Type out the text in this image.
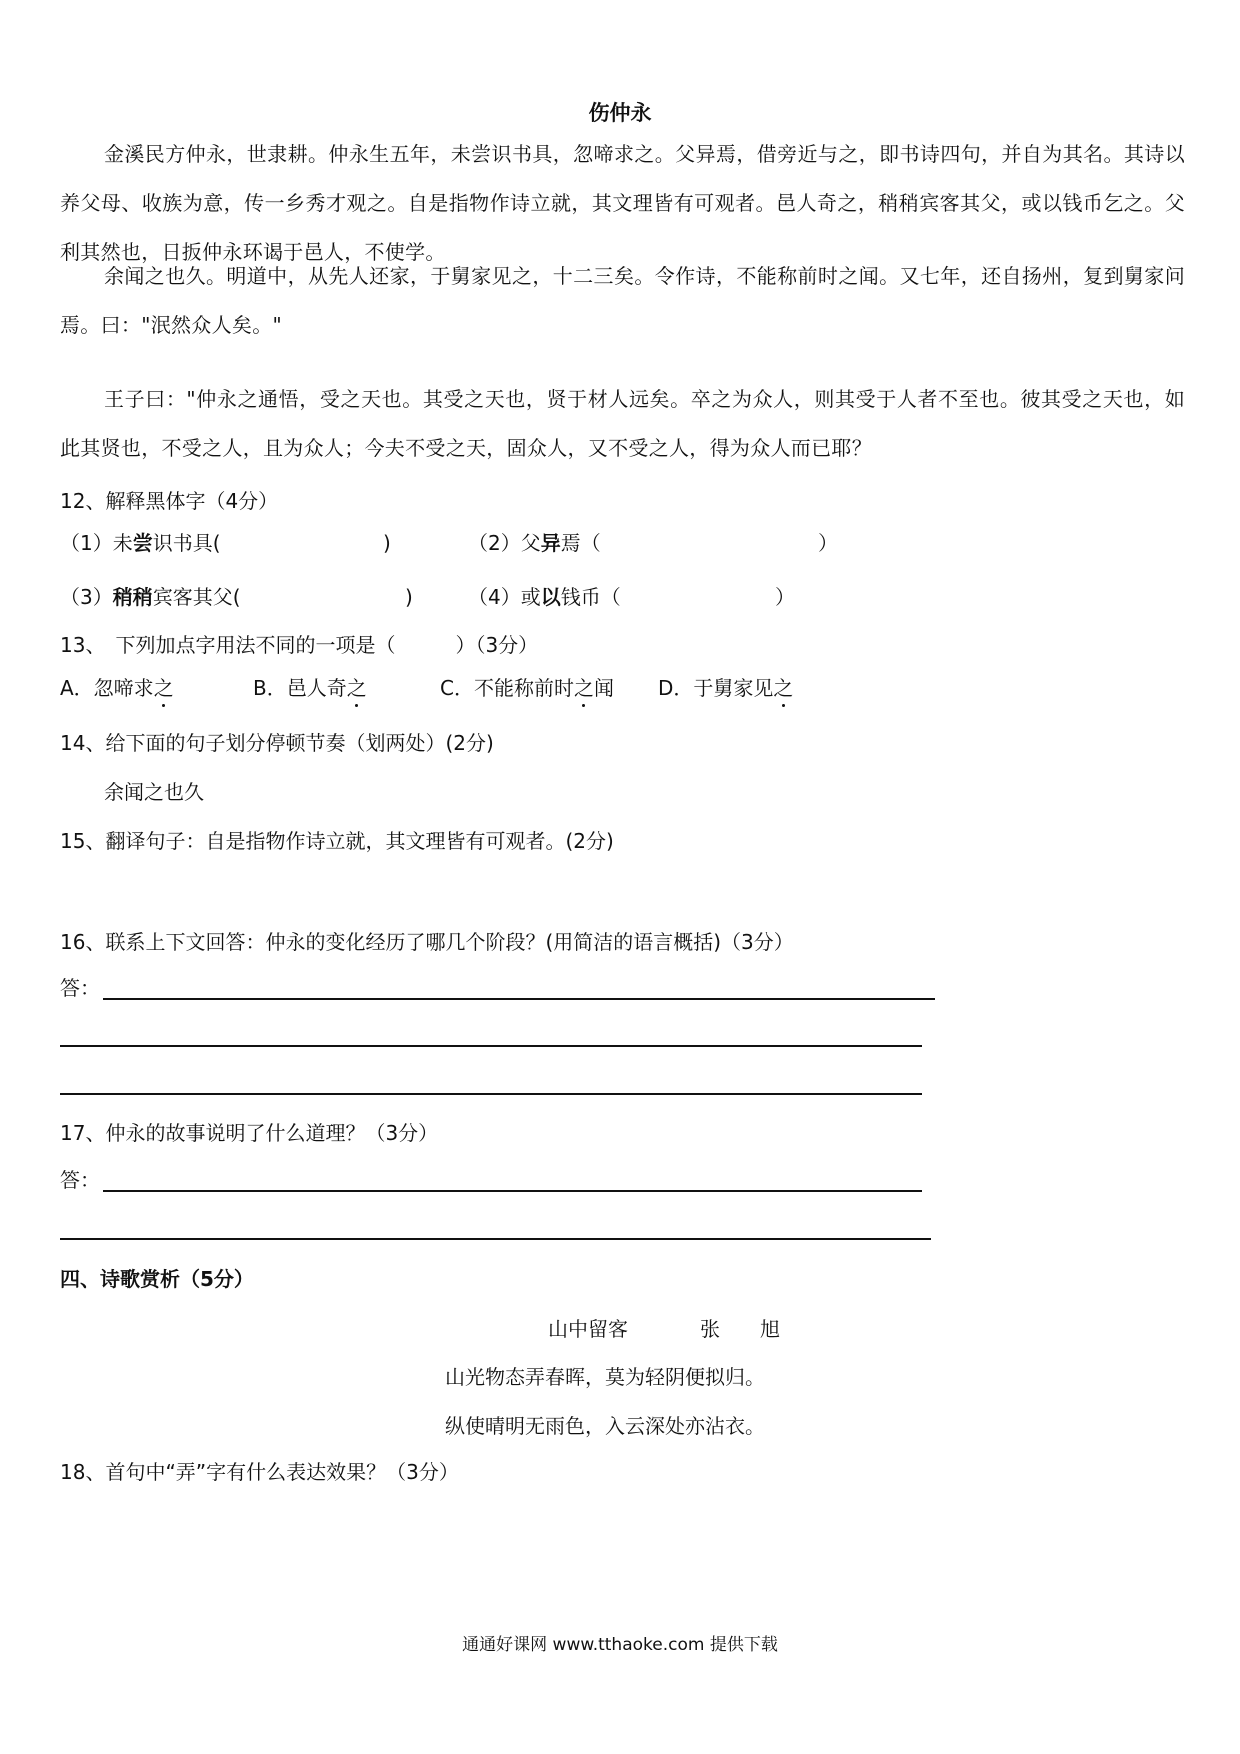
伤仲永
金溪民方仲永，世隶耕。仲永生五年，未尝识书具，忽啼求之。父异焉，借旁近与之，即书诗四句，并自为其名。其诗以养父母、收族为意，传一乡秀才观之。自是指物作诗立就，其文理皆有可观者。邑人奇之，稍稍宾客其父，或以钱币乞之。父利其然也，日扳仲永环谒于邑人，不使学。
余闻之也久。明道中，从先人还家，于舅家见之，十二三矣。令作诗，不能称前时之闻。又七年，还自扬州，复到舅家问焉。曰："泯然众人矣。"
王子曰："仲永之通悟，受之天也。其受之天也，贤于材人远矣。卒之为众人，则其受于人者不至也。彼其受之天也，如此其贤也，不受之人，且为众人；今夫不受之天，固众人，又不受之人，得为众人而已耶？
12、解释黑体字（4分）
（1）未尝识书具(	)	（2）父异焉（	）
（3）稍稍宾客其父(	)	（4）或以钱币（	）
13、　下列加点字用法不同的一项是（　　　）（3分）
A．忽啼求之	B．邑人奇之	C．不能称前时之闻 D．于舅家见之
14、给下面的句子划分停顿节奏（划两处）(2分)
余闻之也久
15、翻译句子：自是指物作诗立就，其文理皆有可观者。(2分)
16、联系上下文回答：仲永的变化经历了哪几个阶段？(用简洁的语言概括)（3分）
答：
17、仲永的故事说明了什么道理？（3分）
答：
四、诗歌赏析（5分）
山中留客	张　　旭
山光物态弄春晖，莫为轻阴便拟归。
纵使晴明无雨色，入云深处亦沾衣。
18、首句中“弄”字有什么表达效果？（3分）
通通好课网 www.tthaoke.com 提供下载
